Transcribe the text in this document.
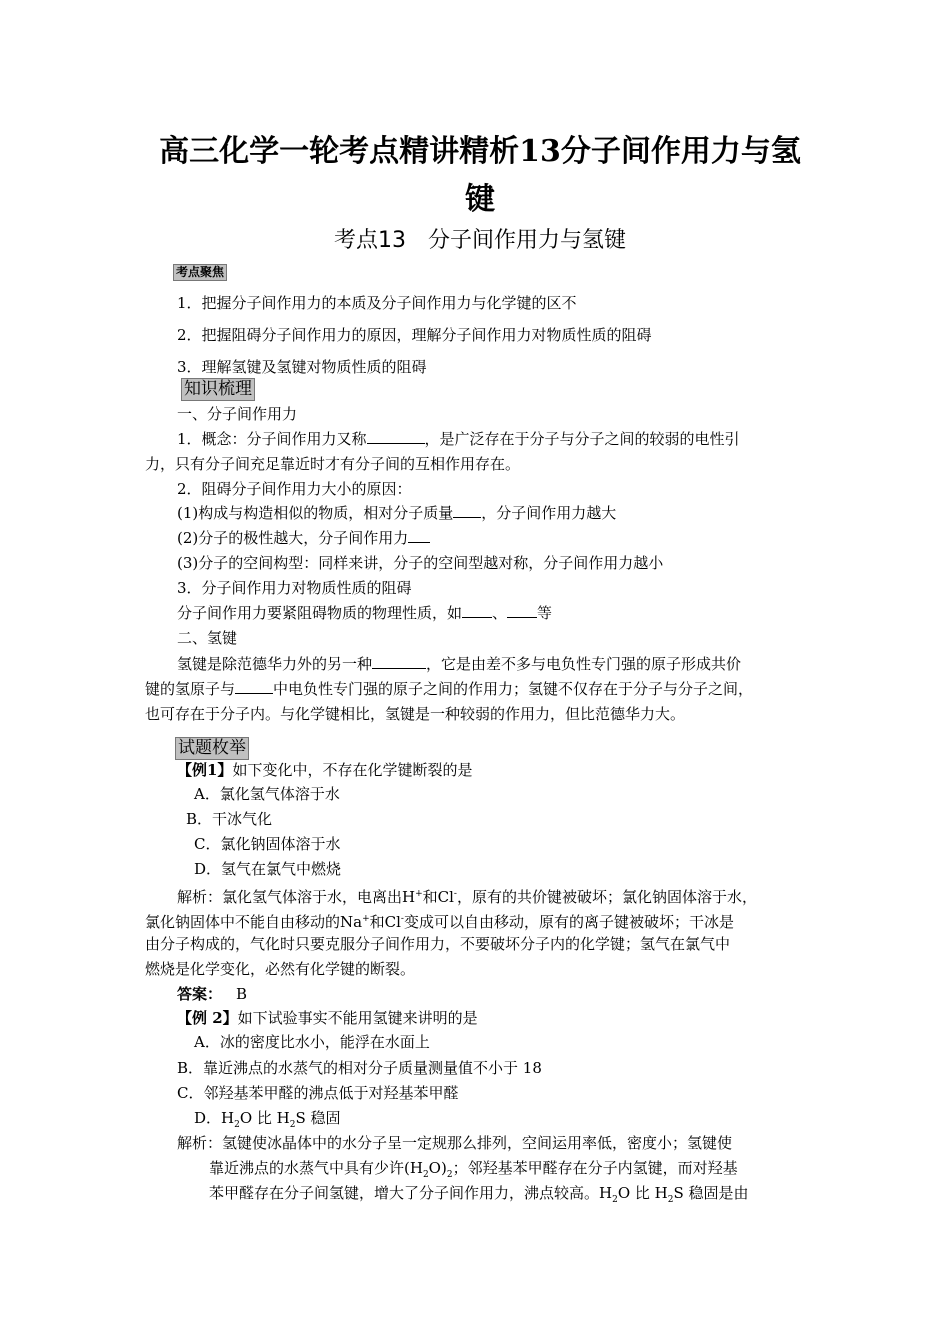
高三化学一轮考点精讲精析13分子间作用力与氢
键
考点13　分子间作用力与氢键
考点聚焦
1．把握分子间作用力的本质及分子间作用力与化学键的区不
2．把握阻碍分子间作用力的原因，理解分子间作用力对物质性质的阻碍
3．理解氢键及氢键对物质性质的阻碍
知识梳理
一、分子间作用力
1．概念：分子间作用力又称	，是广泛存在于分子与分子之间的较弱的电性引
力，只有分子间充足靠近时才有分子间的互相作用存在。
2．阻碍分子间作用力大小的原因：
(1)构成与构造相似的物质，相对分子质量 ，分子间作用力越大
(2)分子的极性越大，分子间作用力
(3)分子的空间构型：同样来讲，分子的空间型越对称，分子间作用力越小
3．分子间作用力对物质性质的阻碍
分子间作用力要紧阻碍物质的物理性质，如 、 等
二、氢键
氢键是除范德华力外的另一种	，它是由差不多与电负性专门强的原子形成共价
键的氢原子与	中电负性专门强的原子之间的作用力；氢键不仅存在于分子与分子之间，
也可存在于分子内。与化学键相比，氢键是一种较弱的作用力，但比范德华力大。
试题枚举
【例1】如下变化中，不存在化学键断裂的是
A．氯化氢气体溶于水
B．干冰气化
C．氯化钠固体溶于水
D．氢气在氯气中燃烧
解析：氯化氢气体溶于水，电离出H+和Cl-，原有的共价键被破坏；氯化钠固体溶于水，
氯化钠固体中不能自由移动的Na+和Cl-变成可以自由移动，原有的离子键被破坏；干冰是
由分子构成的，气化时只要克服分子间作用力，不要破坏分子内的化学键；氢气在氯气中
燃烧是化学变化，必然有化学键的断裂。
答案： B
【例 2】如下试验事实不能用氢键来讲明的是
A．冰的密度比水小，能浮在水面上
B．靠近沸点的水蒸气的相对分子质量测量值不小于 18
C．邻羟基苯甲醛的沸点低于对羟基苯甲醛
D．$H_2O$ 比 $H_2S$ 稳固
解析：氢键使冰晶体中的水分子呈一定规那么排列，空间运用率低，密度小；氢键使
靠近沸点的水蒸气中具有少许$(H_2O)_2$；邻羟基苯甲醛存在分子内氢键，而对羟基
苯甲醛存在分子间氢键，增大了分子间作用力，沸点较高。$H_2O$ 比 $H_2S$ 稳固是由
